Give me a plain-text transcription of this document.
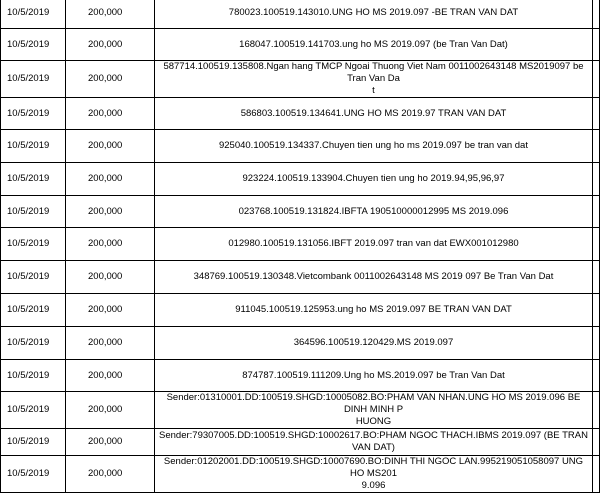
10/5/2019	200,000	780023.100519.143010.UNG HO MS 2019.097 -BE TRAN VAN DAT	
10/5/2019	200,000	168047.100519.141703.ung ho MS 2019.097 (be Tran Van Dat)	
10/5/2019	200,000	587714.100519.135808.Ngan hang TMCP Ngoai Thuong Viet Nam 0011002643148 MS2019097 be Tran Van Da
t	
10/5/2019	200,000	586803.100519.134641.UNG HO MS 2019.97 TRAN VAN DAT	
10/5/2019	200,000	925040.100519.134337.Chuyen tien ung ho ms 2019.097 be tran van dat	
10/5/2019	200,000	923224.100519.133904.Chuyen tien ung ho 2019.94,95,96,97	
10/5/2019	200,000	023768.100519.131824.IBFTA 190510000012995 MS 2019.096	
10/5/2019	200,000	012980.100519.131056.IBFT 2019.097 tran van dat EWX001012980	
10/5/2019	200,000	348769.100519.130348.Vietcombank 0011002643148 MS 2019 097 Be Tran Van Dat	
10/5/2019	200,000	911045.100519.125953.ung ho MS 2019.097 BE TRAN VAN DAT	
10/5/2019	200,000	364596.100519.120429.MS 2019.097	
10/5/2019	200,000	874787.100519.111209.Ung ho MS.2019.097 be Tran Van Dat	
10/5/2019	200,000	Sender:01310001.DD:100519.SHGD:10005082.BO:PHAM VAN NHAN.UNG HO MS 2019.096 BE DINH MINH P
HUONG	
10/5/2019	200,000	Sender:79307005.DD:100519.SHGD:10002617.BO:PHAM NGOC THACH.IBMS 2019.097 (BE TRAN VAN DAT)	
10/5/2019	200,000	Sender:01202001.DD:100519.SHGD:10007690.BO:DINH THI NGOC LAN.995219051058097 UNG HO MS201
9.096	
